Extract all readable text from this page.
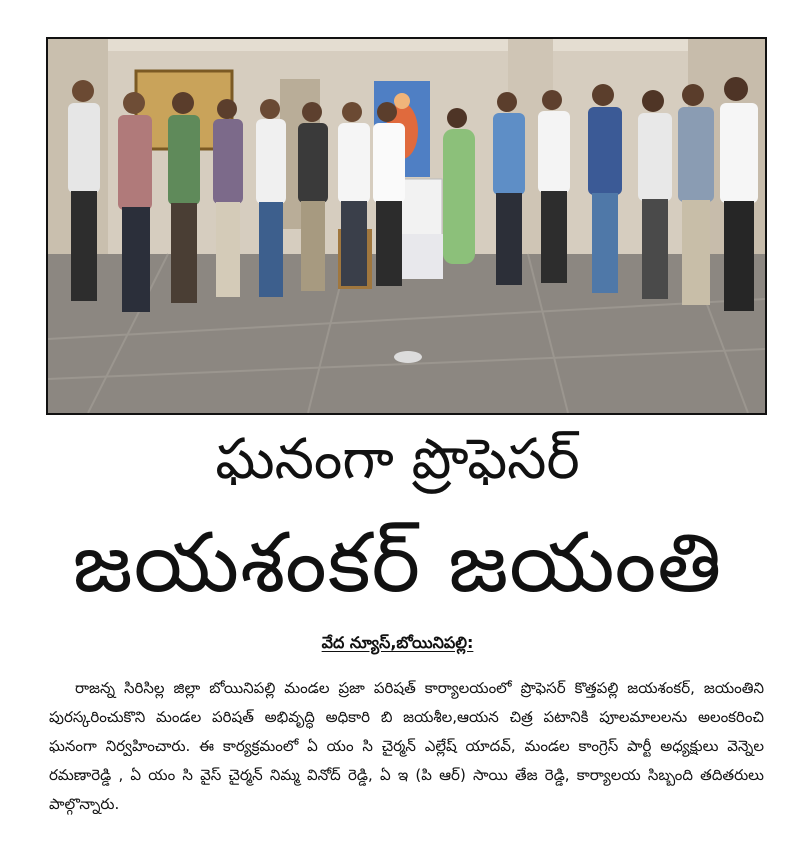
ఘనంగా ప్రొఫెసర్
జయశంకర్ జయంతి
వేద న్యూస్,బోయినిపల్లి:
రాజన్న సిరిసిల్ల జిల్లా బోయినిపల్లి మండల ప్రజా పరిషత్ కార్యాలయంలో ప్రొఫెసర్ కొత్తపల్లి జయశంకర్, జయంతిని పురస్కరించుకొని మండల పరిషత్ అభివృద్ధి అధికారి బి జయశీల,ఆయన చిత్ర పటానికి పూలమాలలను అలంకరించి ఘనంగా నిర్వహించారు. ఈ కార్యక్రమంలో ఏ యం సి చైర్మన్ ఎల్లేష్ యాదవ్, మండల కాంగ్రెస్ పార్టీ అధ్యక్షులు వెన్నెల రమణారెడ్డి , ఏ యం సి వైస్ చైర్మన్ నిమ్మ వినోద్ రెడ్డి, ఏ ఇ (పి ఆర్) సాయి తేజ రెడ్డి, కార్యాలయ సిబ్బంది తదితరులు పాల్గొన్నారు.
